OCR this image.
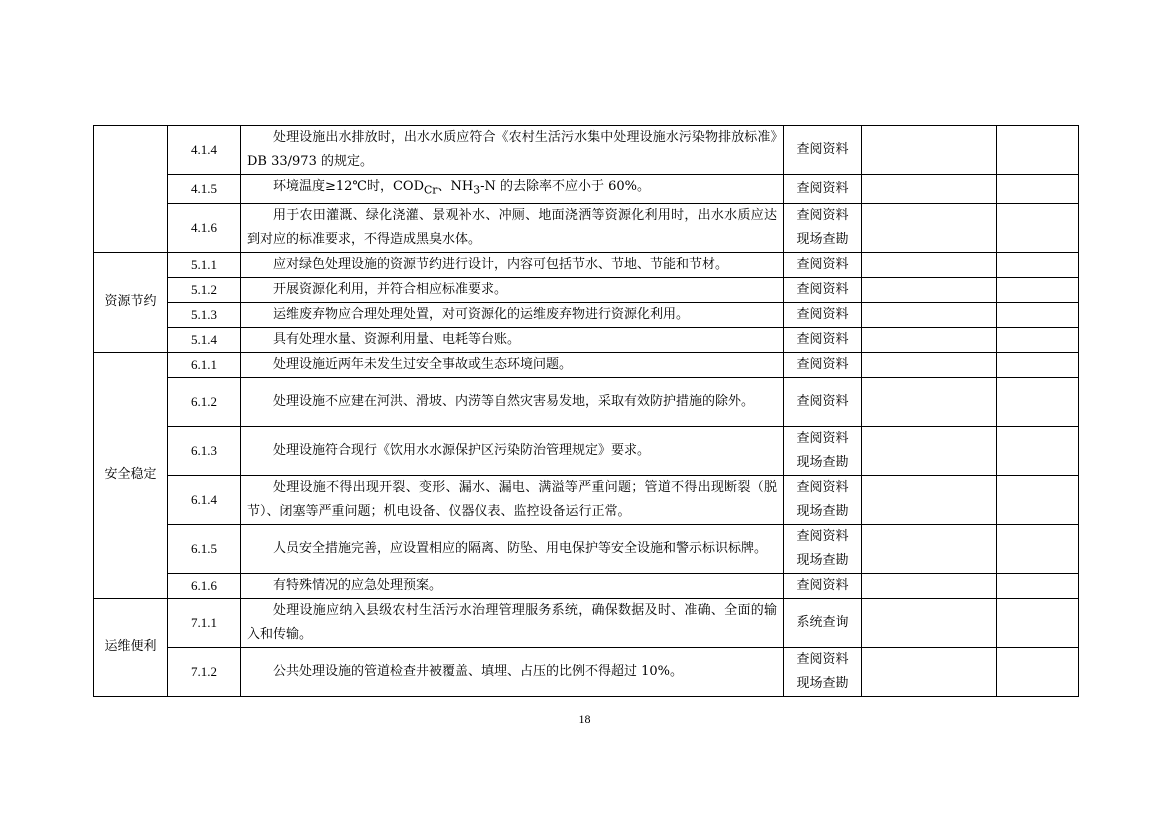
	4.1.4	处理设施出水排放时，出水水质应符合《农村生活污水集中处理设施水污染物排放标准》DB 33/973 的规定。	查阅资料		

	4.1.5	环境温度≥12℃时，$COD_{Cr}$、$NH_3-N$ 的去除率不应小于 60%。	查阅资料		

	4.1.6	用于农田灌溉、绿化浇灌、景观补水、冲厕、地面浇洒等资源化利用时，出水水质应达到对应的标准要求，不得造成黑臭水体。	查阅资料
现场查勘		

资源节约	5.1.1	应对绿色处理设施的资源节约进行设计，内容可包括节水、节地、节能和节材。	查阅资料		

	5.1.2	开展资源化利用，并符合相应标准要求。	查阅资料		

	5.1.3	运维废弃物应合理处理处置，对可资源化的运维废弃物进行资源化利用。	查阅资料		

	5.1.4	具有处理水量、资源利用量、电耗等台账。	查阅资料		

安全稳定	6.1.1	处理设施近两年未发生过安全事故或生态环境问题。	查阅资料		

	6.1.2	处理设施不应建在河洪、滑坡、内涝等自然灾害易发地，采取有效防护措施的除外。	查阅资料		

	6.1.3	处理设施符合现行《饮用水水源保护区污染防治管理规定》要求。	查阅资料
现场查勘		

	6.1.4	处理设施不得出现开裂、变形、漏水、漏电、满溢等严重问题；管道不得出现断裂（脱节）、闭塞等严重问题；机电设备、仪器仪表、监控设备运行正常。	查阅资料
现场查勘		

	6.1.5	人员安全措施完善，应设置相应的隔离、防坠、用电保护等安全设施和警示标识标牌。	查阅资料
现场查勘		

	6.1.6	有特殊情况的应急处理预案。	查阅资料		

运维便利	7.1.1	处理设施应纳入县级农村生活污水治理管理服务系统，确保数据及时、准确、全面的输入和传输。	系统查询		

	7.1.2	公共处理设施的管道检查井被覆盖、填埋、占压的比例不得超过 10%。	查阅资料
现场查勘		

18
